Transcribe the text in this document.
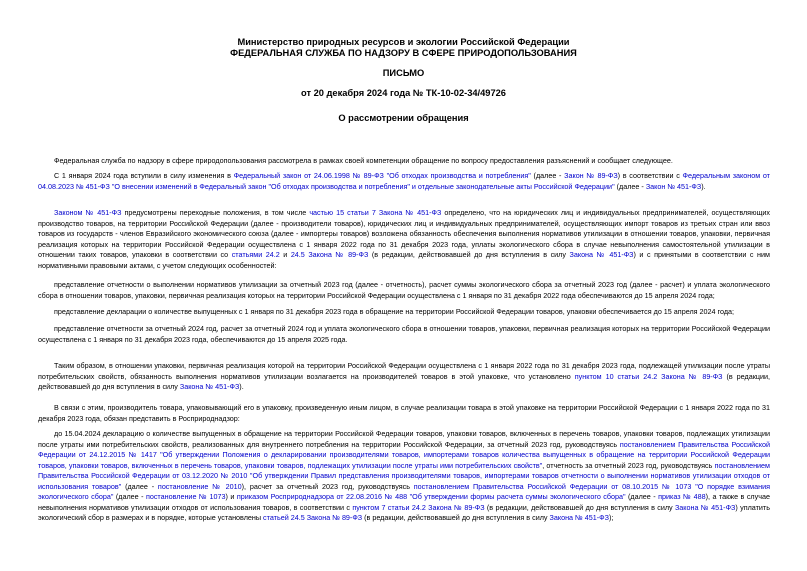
Министерство природных ресурсов и экологии Российской Федерации
ФЕДЕРАЛЬНАЯ СЛУЖБА ПО НАДЗОРУ В СФЕРЕ ПРИРОДОПОЛЬЗОВАНИЯ
ПИСЬМО
от 20 декабря 2024 года № ТК-10-02-34/49726
О рассмотрении обращения
Федеральная служба по надзору в сфере природопользования рассмотрела в рамках своей компетенции обращение по вопросу предоставления разъяснений и сообщает следующее.
С 1 января 2024 года вступили в силу изменения в Федеральный закон от 24.06.1998 № 89-ФЗ "Об отходах производства и потребления" (далее - Закон № 89-ФЗ) в соответствии с Федеральным законом от 04.08.2023 № 451-ФЗ "О внесении изменений в Федеральный закон "Об отходах производства и потребления" и отдельные законодательные акты Российской Федерации" (далее - Закон № 451-ФЗ).
Законом № 451-ФЗ предусмотрены переходные положения, в том числе частью 15 статьи 7 Закона № 451-ФЗ определено, что на юридических лиц и индивидуальных предпринимателей, осуществляющих производство товаров, на территории Российской Федерации (далее - производители товаров), юридических лиц и индивидуальных предпринимателей, осуществляющих импорт товаров из третьих стран или ввоз товаров из государств - членов Евразийского экономического союза (далее - импортеры товаров) возложена обязанность обеспечения выполнения нормативов утилизации в отношении товаров, упаковки, первичная реализация которых на территории Российской Федерации осуществлена с 1 января 2022 года по 31 декабря 2023 года, уплаты экологического сбора в случае невыполнения самостоятельной утилизации в отношении таких товаров, упаковки в соответствии со статьями 24.2 и 24.5 Закона № 89-ФЗ (в редакции, действовавшей до дня вступления в силу Закона № 451-ФЗ) и с принятыми в соответствии с ним нормативными правовыми актами, с учетом следующих особенностей:
представление отчетности о выполнении нормативов утилизации за отчетный 2023 год (далее - отчетность), расчет суммы экологического сбора за отчетный 2023 год (далее - расчет) и уплата экологического сбора в отношении товаров, упаковки, первичная реализация которых на территории Российской Федерации осуществлена с 1 января по 31 декабря 2022 года обеспечиваются до 15 апреля 2024 года;
представление декларации о количестве выпущенных с 1 января по 31 декабря 2023 года в обращение на территории Российской Федерации товаров, упаковки обеспечивается до 15 апреля 2024 года;
представление отчетности за отчетный 2024 год, расчет за отчетный 2024 год и уплата экологического сбора в отношении товаров, упаковки, первичная реализация которых на территории Российской Федерации осуществлена с 1 января по 31 декабря 2023 года, обеспечиваются до 15 апреля 2025 года.
Таким образом, в отношении упаковки, первичная реализация которой на территории Российской Федерации осуществлена с 1 января 2022 года по 31 декабря 2023 года, подлежащей утилизации после утраты потребительских свойств, обязанность выполнения нормативов утилизации возлагается на производителей товаров в этой упаковке, что установлено пунктом 10 статьи 24.2 Закона № 89-ФЗ (в редакции, действовавшей до дня вступления в силу Закона № 451-ФЗ).
В связи с этим, производитель товара, упаковывающий его в упаковку, произведенную иным лицом, в случае реализации товара в этой упаковке на территории Российской Федерации с 1 января 2022 года по 31 декабря 2023 года, обязан представить в Росприроднадзор:
до 15.04.2024 декларацию о количестве выпущенных в обращение на территории Российской Федерации товаров, упаковки товаров, включенных в перечень товаров, упаковки товаров, подлежащих утилизации после утраты ими потребительских свойств, реализованных для внутреннего потребления на территории Российской Федерации, за отчетный 2023 год, руководствуясь постановлением Правительства Российской Федерации от 24.12.2015 № 1417 "Об утверждении Положения о декларировании производителями товаров, импортерами товаров количества выпущенных в обращение на территории Российской Федерации товаров, упаковки товаров, включенных в перечень товаров, упаковки товаров, подлежащих утилизации после утраты ими потребительских свойств", отчетность за отчетный 2023 год, руководствуясь постановлением Правительства Российской Федерации от 03.12.2020 № 2010 "Об утверждении Правил представления производителями товаров, импортерами товаров отчетности о выполнении нормативов утилизации отходов от использования товаров" (далее - постановление № 2010), расчет за отчетный 2023 год, руководствуясь постановлением Правительства Российской Федерации от 08.10.2015 № 1073 "О порядке взимания экологического сбора" (далее - постановление № 1073) и приказом Росприроднадзора от 22.08.2016 № 488 "Об утверждении формы расчета суммы экологического сбора" (далее - приказ № 488), а также в случае невыполнения нормативов утилизации отходов от использования товаров, в соответствии с пунктом 7 статьи 24.2 Закона № 89-ФЗ (в редакции, действовавшей до дня вступления в силу Закона № 451-ФЗ) уплатить экологический сбор в размерах и в порядке, которые установлены статьей 24.5 Закона № 89-ФЗ (в редакции, действовавшей до дня вступления в силу Закона № 451-ФЗ);
